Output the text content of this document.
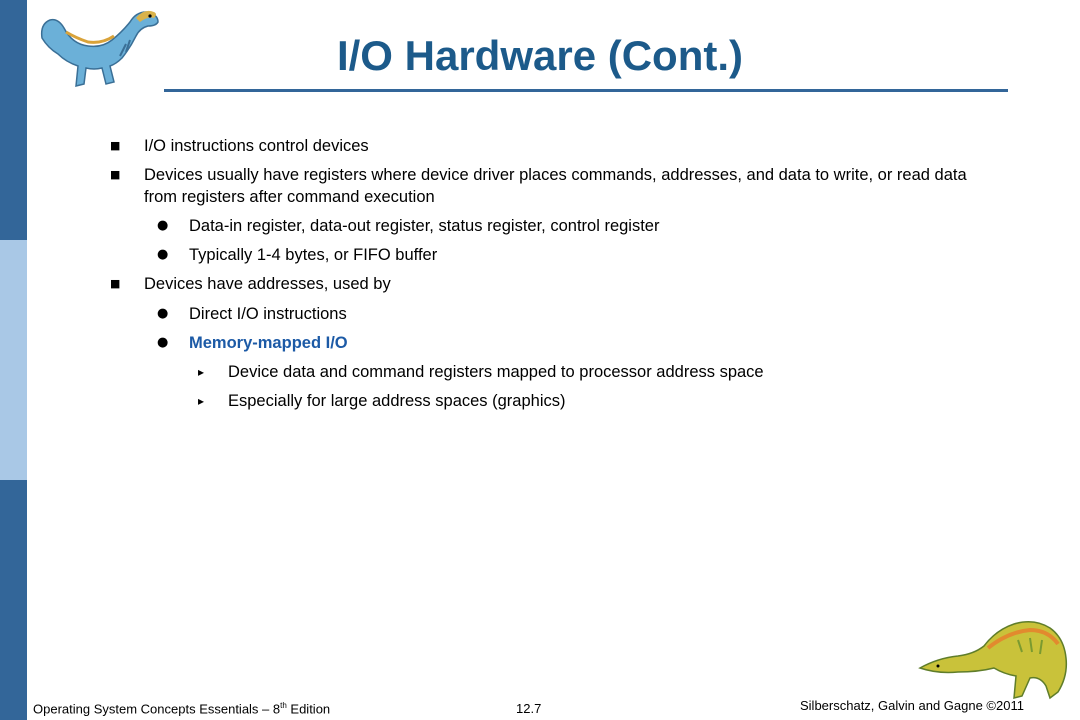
I/O Hardware (Cont.)
■ I/O instructions control devices
■ Devices usually have registers where device driver places commands, addresses, and data to write, or read data
from registers after command execution
● Data-in register, data-out register, status register, control register
● Typically 1-4 bytes, or FIFO buffer
■ Devices have addresses, used by
● Direct I/O instructions
● Memory-mapped I/O
▸ Device data and command registers mapped to processor address space
▸ Especially for large address spaces (graphics)
Operating System Concepts Essentials – 8th Edition	12.7	Silberschatz, Galvin and Gagne ©2011
